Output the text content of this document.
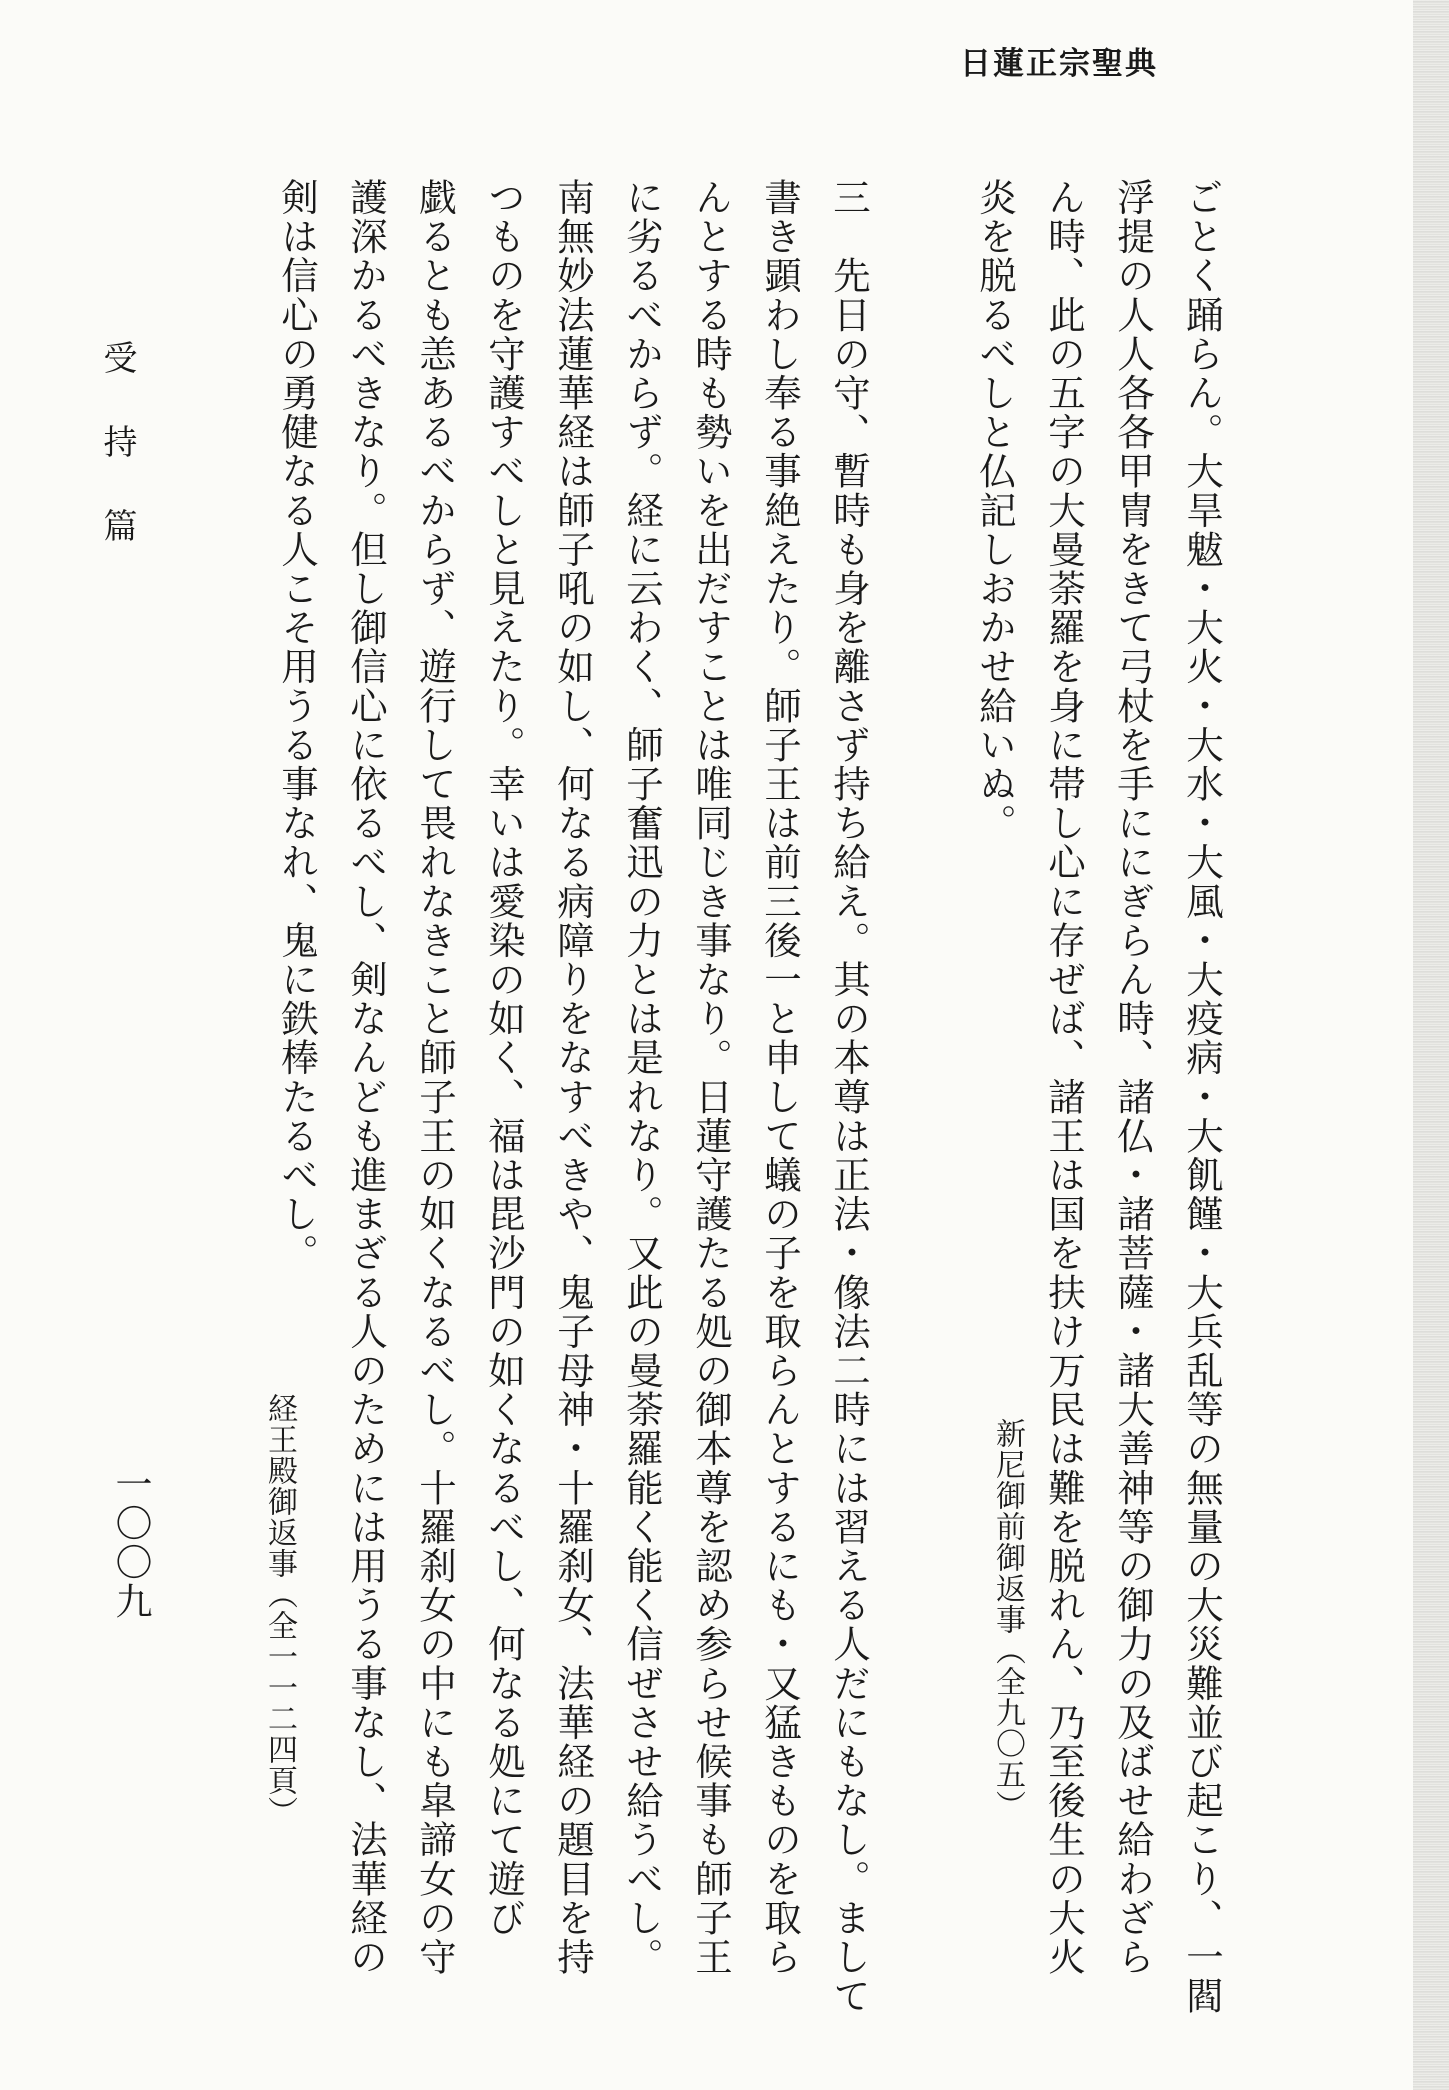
日蓮正宗聖典
ごとく踊らん。大旱魃・大火・大水・大風・大疫病・大飢饉・大兵乱等の無量の大災難並び起こり、一閻
浮提の人人各各甲冑をきて弓杖を手ににぎらん時、諸仏・諸菩薩・諸大善神等の御力の及ばせ給わざら
ん時、此の五字の大曼荼羅を身に帯し心に存ぜば、諸王は国を扶け万民は難を脱れん、乃至後生の大火
炎を脱るべしと仏記しおかせ給いぬ。
新尼御前御返事（全九〇五）
三　先日の守、暫時も身を離さず持ち給え。其の本尊は正法・像法二時には習える人だにもなし。まして
書き顕わし奉る事絶えたり。師子王は前三後一と申して蟻の子を取らんとするにも・又猛きものを取ら
んとする時も勢いを出だすことは唯同じき事なり。日蓮守護たる処の御本尊を認め参らせ候事も師子王
に劣るべからず。経に云わく、師子奮迅の力とは是れなり。又此の曼荼羅能く能く信ぜさせ給うべし。
南無妙法蓮華経は師子吼の如し、何なる病障りをなすべきや、鬼子母神・十羅刹女、法華経の題目を持
つものを守護すべしと見えたり。幸いは愛染の如く、福は毘沙門の如くなるべし、何なる処にて遊び
戯るとも恙あるべからず、遊行して畏れなきこと師子王の如くなるべし。十羅刹女の中にも皐諦女の守
護深かるべきなり。但し御信心に依るべし、剣なんども進まざる人のためには用うる事なし、法華経の
剣は信心の勇健なる人こそ用うる事なれ、鬼に鉄棒たるべし。
経王殿御返事（全一一二四頁）
受持篇
一〇〇九
